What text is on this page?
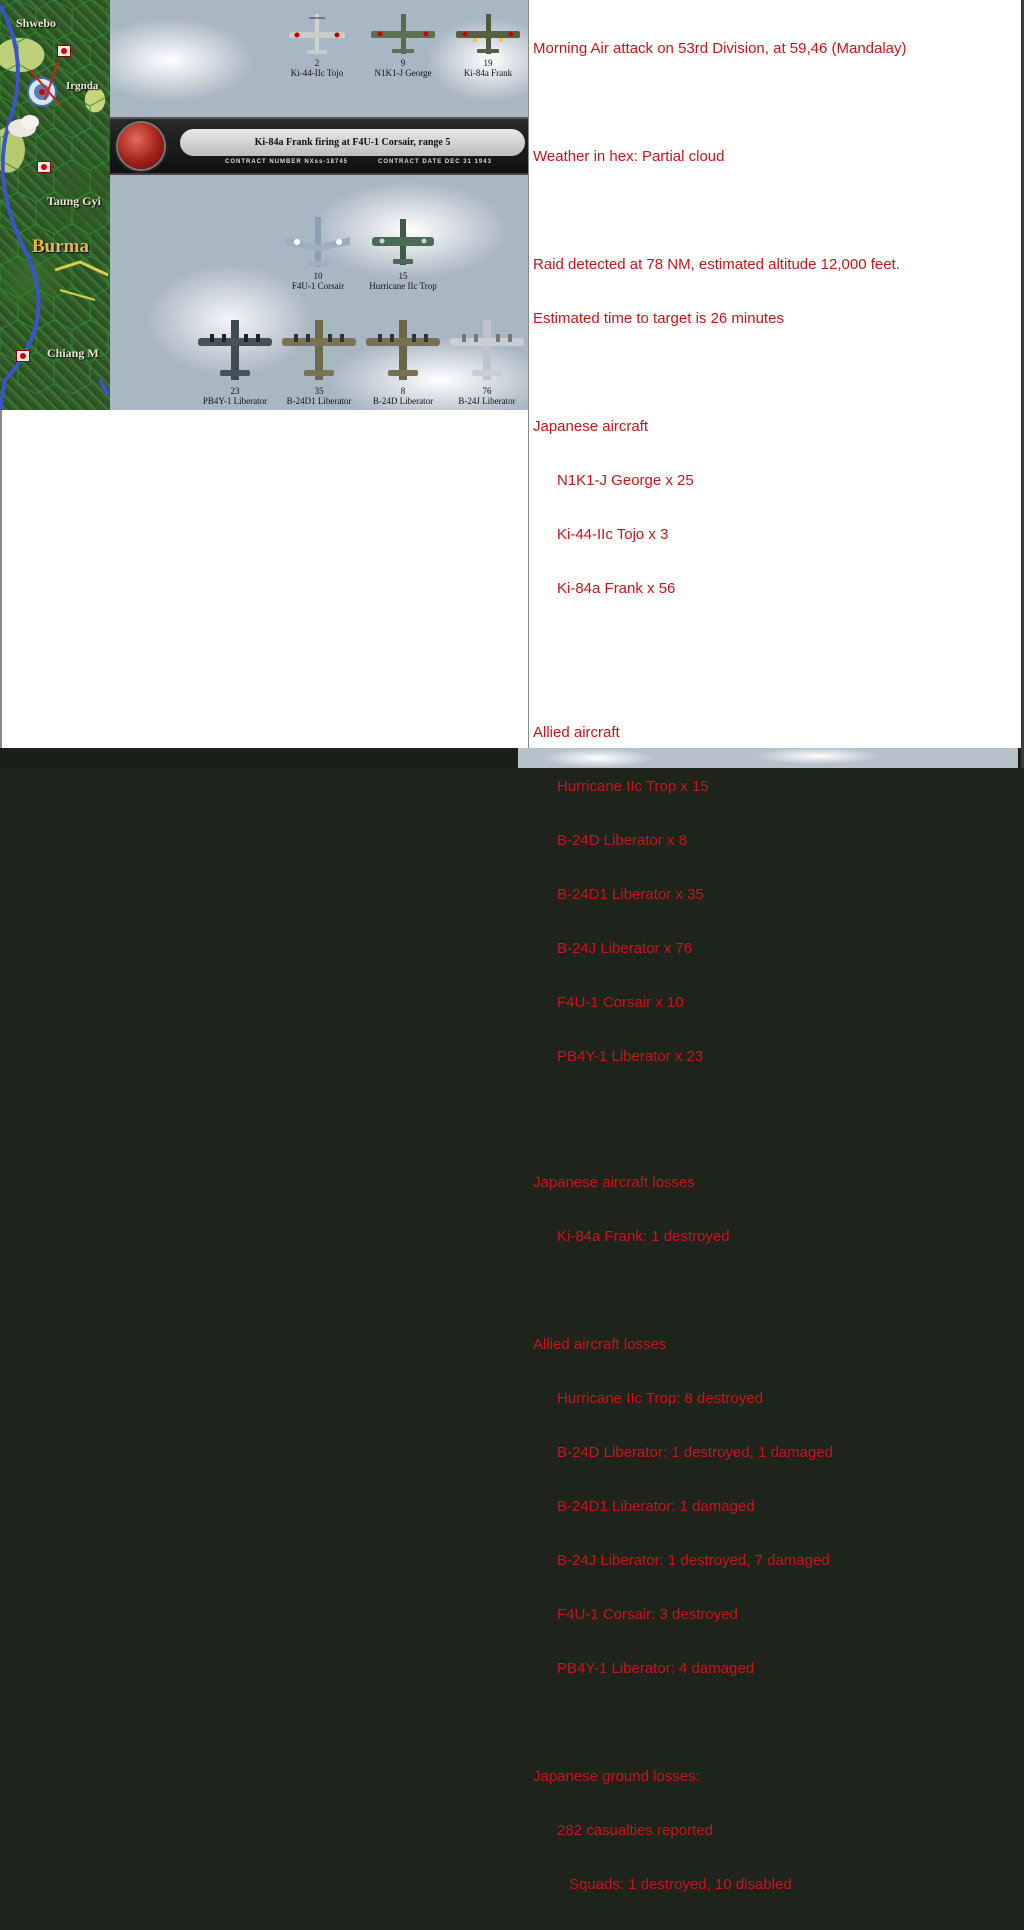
Shwebo
Taung Gyi
Burma
Chiang M
Irgnda
2
Ki-44-IIc Tojo
9
N1K1-J George
19
Ki-84a Frank
Ki-84a Frank firing at F4U-1 Corsair, range 5
CONTRACT NUMBER NXss-18745	CONTRACT DATE DEC 31 1943
10
F4U-1 Corsair
15
Hurricane IIc Trop
23
PB4Y-1 Liberator
35
B-24D1 Liberator
8
B-24D Liberator
76
B-24J Liberator

Morning Air attack on 53rd Division, at 59,46 (Mandalay)

Weather in hex: Partial cloud

Raid detected at 78 NM, estimated altitude 12,000 feet.

Estimated time to target is 26 minutes

Japanese aircraft

N1K1-J George x 25

Ki-44-IIc Tojo x 3

Ki-84a Frank x 56

Allied aircraft

Hurricane IIc Trop x 15

B-24D Liberator x 8

B-24D1 Liberator x 35

B-24J Liberator x 76

F4U-1 Corsair x 10

PB4Y-1 Liberator x 23

Japanese aircraft losses

Ki-84a Frank: 1 destroyed

Allied aircraft losses

Hurricane IIc Trop: 8 destroyed

B-24D Liberator: 1 destroyed, 1 damaged

B-24D1 Liberator: 1 damaged

B-24J Liberator: 1 destroyed, 7 damaged

F4U-1 Corsair: 3 destroyed

PB4Y-1 Liberator: 4 damaged

Japanese ground losses:

282 casualties reported

Squads: 1 destroyed, 10 disabled
